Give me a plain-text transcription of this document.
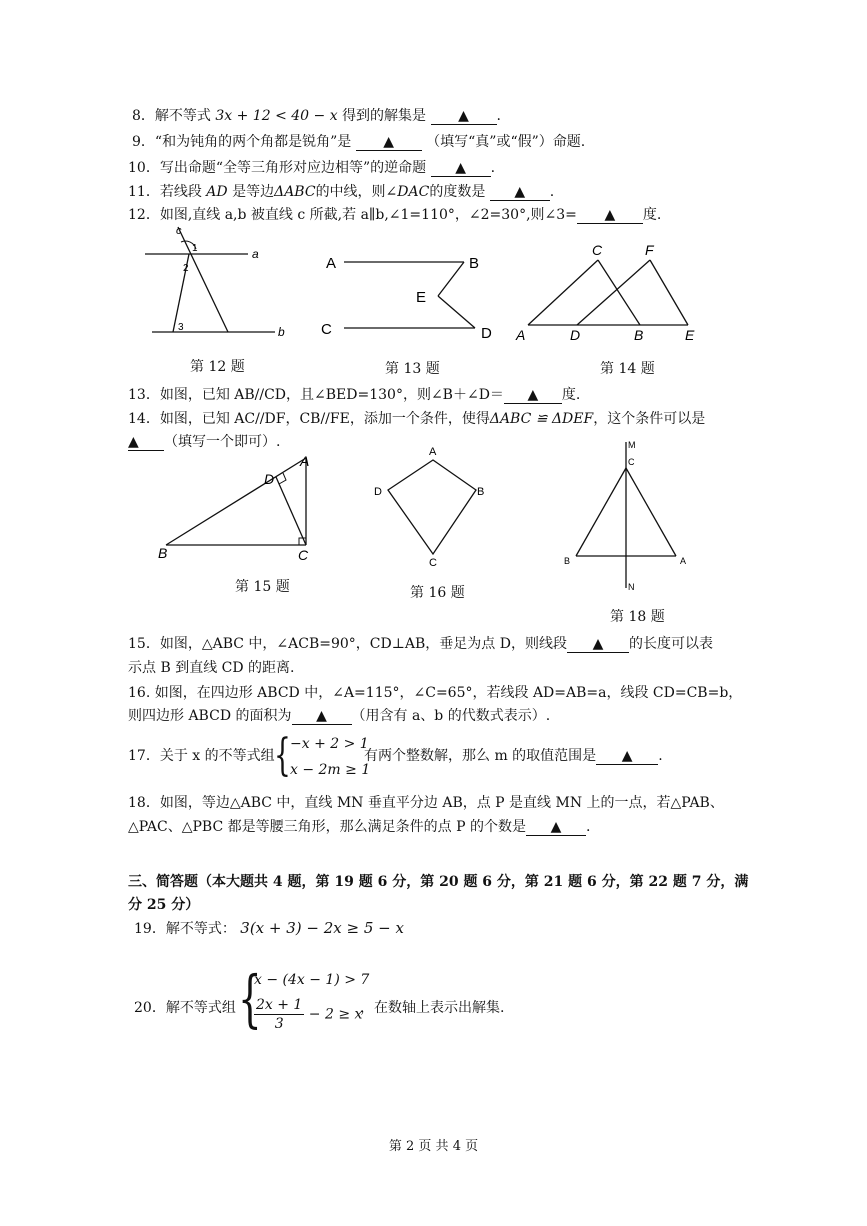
8．解不等式 3x + 12 < 40 − x 得到的解集是 ▲ .
9．“和为钝角的两个角都是锐角”是 ▲ （填写“真”或“假”）命题.
10．写出命题“全等三角形对应边相等”的逆命题 ▲ .
11．若线段 AD 是等边ΔABC的中线，则∠DAC的度数是 ▲ .
12．如图,直线 a,b 被直线 c 所截,若 a∥b,∠1=110°，∠2=30°,则∠3= ▲ 度.
c
1
2
3
a
b
第 12 题
A	B
E
C	D
第 13 题
C	F
A	D	B	E
第 14 题
13．如图，已知 AB//CD，且∠BED=130°，则∠B＋∠D＝ ▲ 度.
14．如图，已知 AC//DF，CB//FE，添加一个条件，使得ΔABC ≌ ΔDEF，这个条件可以是
▲ （填写一个即可）.
A
D
B	C
第 15 题
A
B
C
D
第 16 题
M
C
B	A
N
第 18 题
15．如图，△ABC 中，∠ACB=90°，CD⊥AB，垂足为点 D，则线段 ▲ 的长度可以表
示点 B 到直线 CD 的距离.
16. 如图，在四边形 ABCD 中，∠A=115°，∠C=65°，若线段 AD=AB=a，线段 CD=CB=b，
则四边形 ABCD 的面积为 ▲ （用含有 a、b 的代数式表示）.
17．关于 x 的不等式组 { −x + 2 > 1
x − 2m ≥ 1
有两个整数解，那么 m 的取值范围是 ▲ .
18．如图，等边△ABC 中，直线 MN 垂直平分边 AB，点 P 是直线 MN 上的一点，若△PAB、
△PAC、△PBC 都是等腰三角形，那么满足条件的点 P 的个数是 ▲ .
三、简答题（本大题共 4 题，第 19 题 6 分，第 20 题 6 分，第 21 题 6 分，第 22 题 7 分，满
分 25 分）
19．解不等式： 3(x + 3) − 2x ≥ 5 − x
20．解不等式组 {
x − (4x − 1) > 7
$\frac{2x + 1}{3} - 2 \ge x$
，在数轴上表示出解集.
第 2 页 共 4 页
